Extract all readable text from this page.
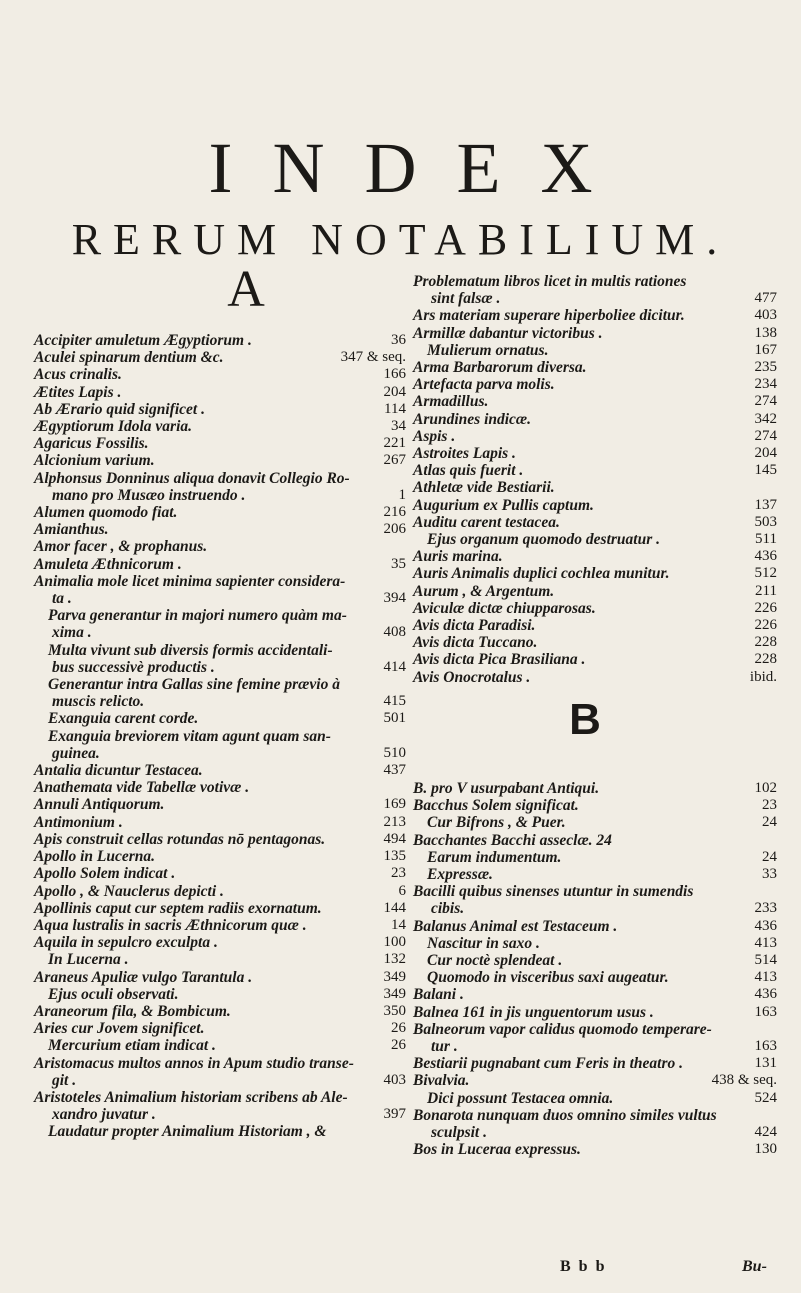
INDEX
RERUM NOTABILIUM.
A
B
Accipiter amuletum Ægyptiorum .	36
Aculei spinarum dentium &c.	347 & seq.
Acus crinalis.	166
Ætites Lapis .	204
Ab Ærario quid significet .	114
Ægyptiorum Idola varia.	34
Agaricus Fossilis.	221
Alcionium varium.	267
Alphonsus Donninus aliqua donavit Collegio Ro-
mano pro Musæo instruendo .	1
Alumen quomodo fiat.	216
Amianthus.	206
Amor facer , & prophanus.
Amuleta Æthnicorum .	35
Animalia mole licet minima sapienter considera-
ta .	394
Parva generantur in majori numero quàm ma-
xima .	408
Multa vivunt sub diversis formis accidentali-
bus successivè productis .	414
Generantur intra Gallas sine femine prævio à
muscis relicto.	415
Exanguia carent corde.	501
Exanguia breviorem vitam agunt quam san-
guinea.	510
Antalia dicuntur Testacea.	437
Anathemata vide Tabellæ votivæ .
Annuli Antiquorum.	169
Antimonium .	213
Apis construit cellas rotundas nō pentagonas.	494
Apollo in Lucerna.	135
Apollo Solem indicat .	23
Apollo , & Nauclerus depicti .	6
Apollinis caput cur septem radiis exornatum.	144
Aqua lustralis in sacris Æthnicorum quæ .	14
Aquila in sepulcro exculpta .	100
In Lucerna .	132
Araneus Apuliæ vulgo Tarantula .	349
Ejus oculi observati.	349
Araneorum fila, & Bombicum.	350
Aries cur Jovem significet.	26
Mercurium etiam indicat .	26
Aristomacus multos annos in Apum studio transe-
git .	403
Aristoteles Animalium historiam scribens ab Ale-
xandro juvatur .	397
Laudatur propter Animalium Historiam , &
Problematum libros licet in multis rationes
sint falsæ .	477
Ars materiam superare hiperboliee dicitur.	403
Armillæ dabantur victoribus .	138
Mulierum ornatus.	167
Arma Barbarorum diversa.	235
Artefacta parva molis.	234
Armadillus.	274
Arundines indicæ.	342
Aspis .	274
Astroites Lapis .	204
Atlas quis fuerit .	145
Athletæ vide Bestiarii.
Augurium ex Pullis captum.	137
Auditu carent testacea.	503
Ejus organum quomodo destruatur .	511
Auris marina.	436
Auris Animalis duplici cochlea munitur.	512
Aurum , & Argentum.	211
Aviculæ dictæ chiupparosas.	226
Avis dicta Paradisi.	226
Avis dicta Tuccano.	228
Avis dicta Pica Brasiliana .	228
Avis Onocrotalus .	ibid.
B. pro V usurpabant Antiqui.	102
Bacchus Solem significat.	23
Cur Bifrons , & Puer.	24
Bacchantes Bacchi asseclæ. 24
Earum indumentum.	24
Expressæ.	33
Bacilli quibus sinenses utuntur in sumendis
cibis.	233
Balanus Animal est Testaceum .	436
Nascitur in saxo .	413
Cur noctè splendeat .	514
Quomodo in visceribus saxi augeatur.	413
Balani .	436
Balnea 161 in jis unguentorum usus .	163
Balneorum vapor calidus quomodo temperare-
tur .	163
Bestiarii pugnabant cum Feris in theatro .	131
Bivalvia.	438 & seq.
Dici possunt Testacea omnia.	524
Bonarota nunquam duos omnino similes vultus
sculpsit .	424
Bos in Luceraa expressus.	130
B b b	Bu-
